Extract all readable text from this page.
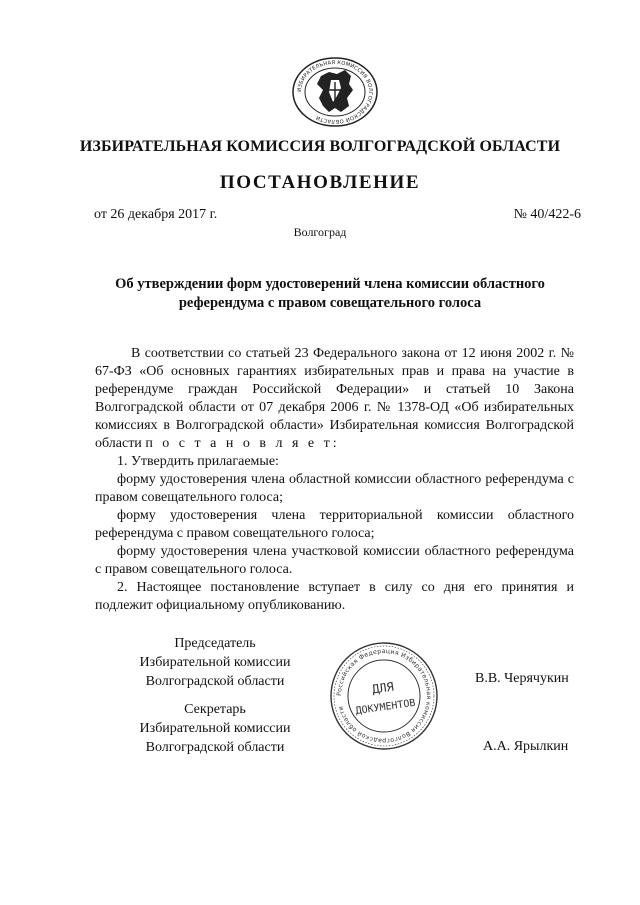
ИЗБИРАТЕЛЬНАЯ КОМИССИЯ ВОЛГОГРАДСКОЙ ОБЛАСТИ
ИЗБИРАТЕЛЬНАЯ КОМИССИЯ ВОЛГОГРАДСКОЙ ОБЛАСТИ
ПОСТАНОВЛЕНИЕ
от 26 декабря 2017 г.	№ 40/422-6
Волгоград
Об утверждении форм удостоверений члена комиссии областного
референдума с правом совещательного голоса

В соответствии со статьей 23 Федерального закона от 12 июня 2002 г. № 67-ФЗ «Об основных гарантиях избирательных прав и права на участие в референдуме граждан Российской Федерации» и статьей 10 Закона Волгоградской области от 07 декабря 2006 г. № 1378-ОД «Об избирательных комиссиях в Волгоградской области» Избирательная комиссия Волгоградской области п о с т а н о в л я е т:

1. Утвердить прилагаемые:

форму удостоверения члена областной комиссии областного референдума с правом совещательного голоса;

форму удостоверения члена территориальной комиссии областного референдума с правом совещательного голоса;

форму удостоверения члена участковой комиссии областного референдума с правом совещательного голоса.

2. Настоящее постановление вступает в силу со дня его принятия и подлежит официальному опубликованию.

Председатель
Избирательной комиссии
Волгоградской области	В.В. Черячукин
Секретарь
Избирательной комиссии
Волгоградской области	А.А. Ярылкин
Российская Федерация Избирательная комиссия Волгоградской области
ДЛЯ
ДОКУМЕНТОВ
